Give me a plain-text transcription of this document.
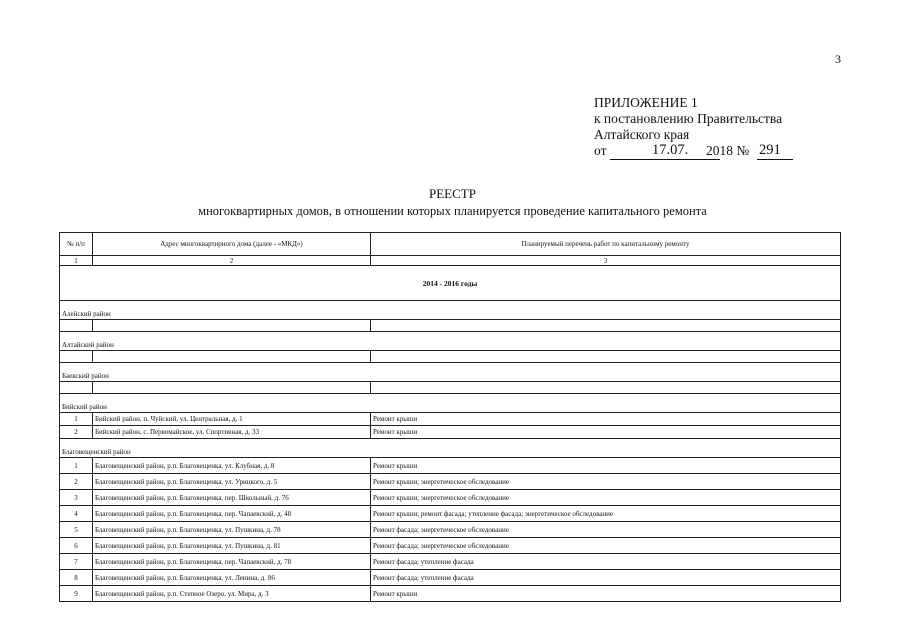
3
ПРИЛОЖЕНИЕ 1
к постановлению Правительства
Алтайского края
от	17.07. 2018 № 291
РЕЕСТР
многоквартирных домов, в отношении которых планируется проведение капитального ремонта
№ п/п	Адрес многоквартирного дома (далее - «МКД»)	Планируемый перечень работ по капитальному ремонту
1	2	3
2014 - 2016 годы		
Алейский район		

Алтайский район		

Баевский район		

Бийский район		
1	Бийский район, п. Чуйский, ул. Центральная, д. 1	Ремонт крыши
2	Бийский район, с. Первомайское, ул. Спортивная, д. 33	Ремонт крыши
Благовещенский район		
1	Благовещенский район, р.п. Благовещенка, ул. Клубная, д. 8	Ремонт крыши
2	Благовещенский район, р.п. Благовещенка, ул. Урицкого, д. 5	Ремонт крыши; энергетическое обследование
3	Благовещенский район, р.п. Благовещенка, пер. Школьный, д. 76	Ремонт крыши; энергетическое обследование
4	Благовещенский район, р.п. Благовещенка, пер. Чапаевский, д. 48	Ремонт крыши; ремонт фасада; утепление фасада; энергетическое обследование
5	Благовещенский район, р.п. Благовещенка, ул. Пушкина, д. 78	Ремонт фасада; энергетическое обследование
6	Благовещенский район, р.п. Благовещенка, ул. Пушкина, д. 81	Ремонт фасада; энергетическое обследование
7	Благовещенский район, р.п. Благовещенка, пер. Чапаевский, д. 78	Ремонт фасада; утепление фасада
8	Благовещенский район, р.п. Благовещенка, ул. Ленина, д. 86	Ремонт фасада; утепление фасада
9	Благовещенский район, р.п. Степное Озеро, ул. Мира, д. 3	Ремонт крыши
